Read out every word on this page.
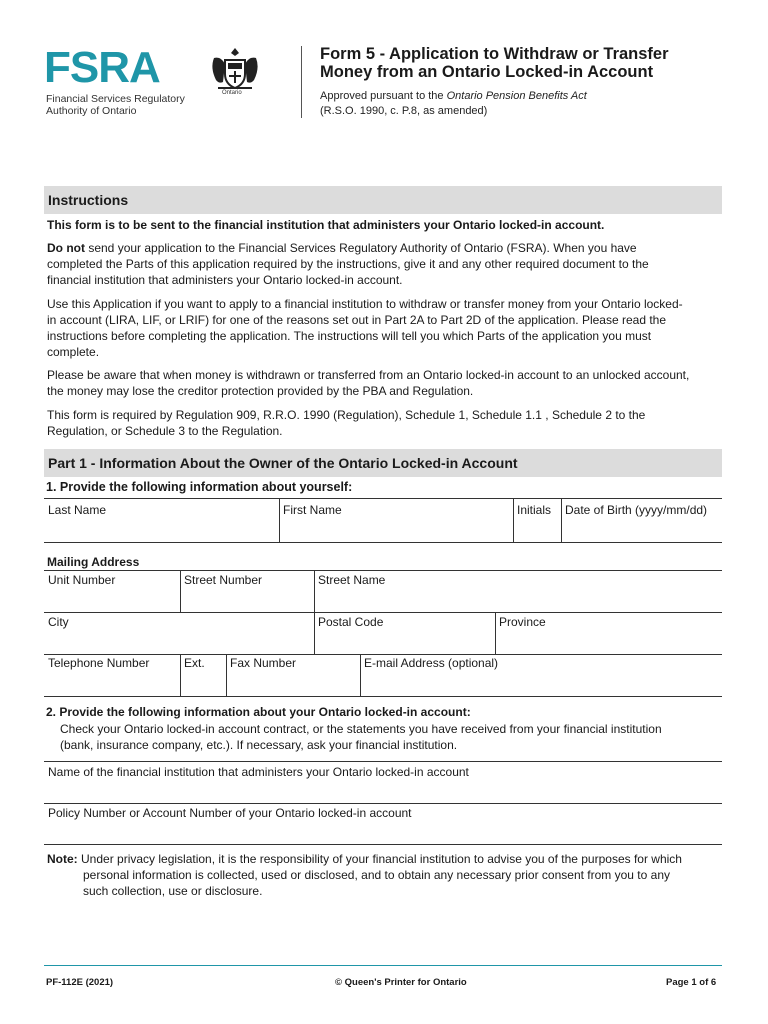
FSRA
Financial Services Regulatory
Authority of Ontario
Ontario
Form 5 - Application to Withdraw or Transfer
Money from an Ontario Locked-in Account
Approved pursuant to the Ontario Pension Benefits Act
(R.S.O. 1990, c. P.8, as amended)
Instructions
This form is to be sent to the financial institution that administers your Ontario locked-in account.
Do not send your application to the Financial Services Regulatory Authority of Ontario (FSRA). When you have
completed the Parts of this application required by the instructions, give it and any other required document to the
financial institution that administers your Ontario locked-in account.
Use this Application if you want to apply to a financial institution to withdraw or transfer money from your Ontario locked-
in account (LIRA, LIF, or LRIF) for one of the reasons set out in Part 2A to Part 2D of the application. Please read the
instructions before completing the application. The instructions will tell you which Parts of the application you must
complete.
Please be aware that when money is withdrawn or transferred from an Ontario locked-in account to an unlocked account,
the money may lose the creditor protection provided by the PBA and Regulation.
This form is required by Regulation 909, R.R.O. 1990 (Regulation), Schedule 1, Schedule 1.1 , Schedule 2 to the
Regulation, or Schedule 3 to the Regulation.
Part 1 - Information About the Owner of the Ontario Locked-in Account
1. Provide the following information about yourself:
Last Name	First Name	Initials Date of Birth (yyyy/mm/dd)
Mailing Address
Unit Number	Street Number	Street Name
City	Postal Code	Province
Telephone Number	Ext. Fax Number	E-mail Address (optional)
2. Provide the following information about your Ontario locked-in account:
Check your Ontario locked-in account contract, or the statements you have received from your financial institution
(bank, insurance company, etc.). If necessary, ask your financial institution.
Name of the financial institution that administers your Ontario locked-in account
Policy Number or Account Number of your Ontario locked-in account
Note: Under privacy legislation, it is the responsibility of your financial institution to advise you of the purposes for which
personal information is collected, used or disclosed, and to obtain any necessary prior consent from you to any
such collection, use or disclosure.
PF-112E (2021)	© Queen's Printer for Ontario	Page 1 of 6
